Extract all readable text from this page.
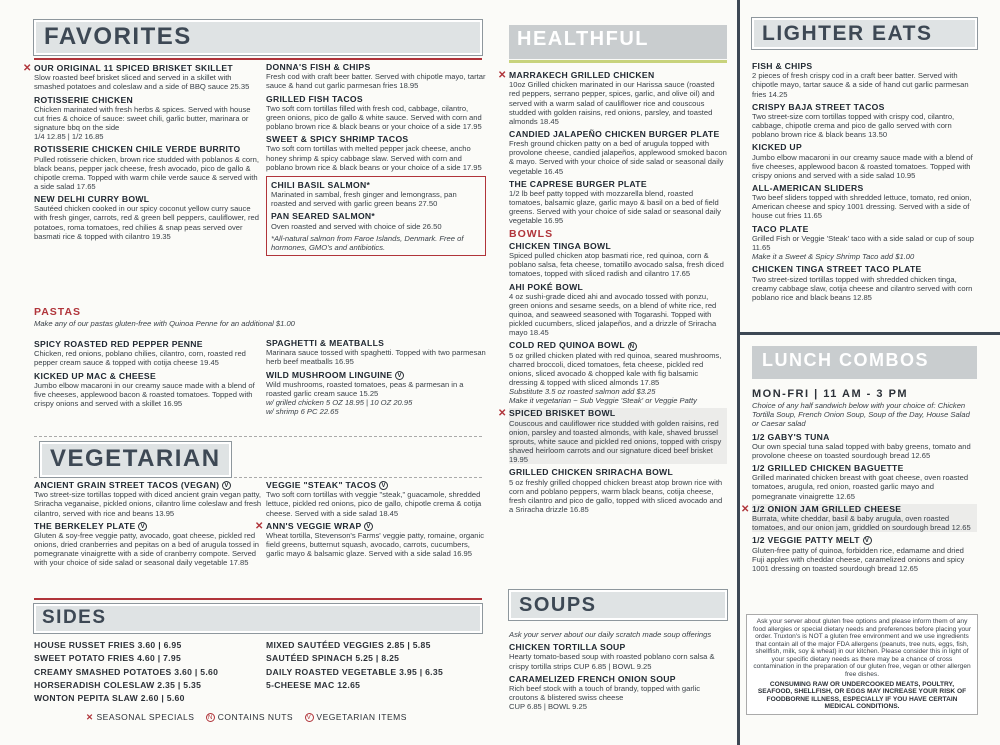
FAVORITES
✕ OUR ORIGINAL 11 SPICED BRISKET SKILLET
Slow roasted beef brisket sliced and served in a skillet with smashed potatoes and coleslaw and a side of BBQ sauce 25.35
ROTISSERIE CHICKEN
Chicken marinated with fresh herbs & spices. Served with house cut fries & choice of sauce: sweet chili, garlic butter, marinara or signature bbq on the side
1/4 12.85 | 1/2 16.85
ROTISSERIE CHICKEN CHILE VERDE BURRITO
Pulled rotisserie chicken, brown rice studded with poblanos & corn, black beans, pepper jack cheese, fresh avocado, pico de gallo & chipotle crema. Topped with warm chile verde sauce & served with a side salad 17.65
NEW DELHI CURRY BOWL
Sautéed chicken cooked in our spicy coconut yellow curry sauce with fresh ginger, carrots, red & green bell peppers, cauliflower, red potatoes, roma tomatoes, red chilies & snap peas served over basmati rice & topped with cilantro 19.35
PASTAS
Make any of our pastas gluten-free with Quinoa Penne for an additional $1.00
SPICY ROASTED RED PEPPER PENNE
Chicken, red onions, poblano chilies, cilantro, corn, roasted red pepper cream sauce & topped with cotija cheese 19.45
KICKED UP MAC & CHEESE
Jumbo elbow macaroni in our creamy sauce made with a blend of five cheeses, applewood bacon & roasted tomatoes. Topped with crispy onions and served with a skillet 16.95
VEGETARIAN
ANCIENT GRAIN STREET TACOS (VEGAN) V
Two street-size tortillas topped with diced ancient grain vegan patty, Sriracha veganaise, pickled onions, cilantro lime coleslaw and fresh cilantro, served with rice and beans 13.95
THE BERKELEY PLATE V
Gluten & soy-free veggie patty, avocado, goat cheese, pickled red onions, dried cranberries and pepitas on a bed of arugula tossed in pomegranate vinaigrette with a side of cranberry compote. Served with your choice of side salad or seasonal daily vegetable 17.85
SIDES
HOUSE RUSSET FRIES 3.60 | 6.95
SWEET POTATO FRIES 4.60 | 7.95
CREAMY SMASHED POTATOES 3.60 | 5.60
HORSERADISH COLESLAW 2.35 | 5.35
WONTON PEPITA SLAW 2.60 | 5.60
✕ SEASONAL SPECIALS N CONTAINS NUTS V VEGETARIAN ITEMS
DONNA'S FISH & CHIPS
Fresh cod with craft beer batter. Served with chipotle mayo, tartar sauce & hand cut garlic parmesan fries 18.95
GRILLED FISH TACOS
Two soft corn tortillas filled with fresh cod, cabbage, cilantro, green onions, pico de gallo & white sauce. Served with corn and poblano brown rice & black beans or your choice of a side 17.95
SWEET & SPICY SHRIMP TACOS
Two soft corn tortillas with melted pepper jack cheese, ancho honey shrimp & spicy cabbage slaw. Served with corn and poblano brown rice & black beans or your choice of a side 17.95
CHILI BASIL SALMON*
Marinated in sambal, fresh ginger and lemongrass, pan roasted and served with garlic green beans 27.50
PAN SEARED SALMON*
Oven roasted and served with choice of side 26.50
*All-natural salmon from Faroe Islands, Denmark. Free of hormones, GMO's and antibiotics.
SPAGHETTI & MEATBALLS
Marinara sauce tossed with spaghetti. Topped with two parmesan herb beef meatballs 16.95
WILD MUSHROOM LINGUINE V
Wild mushrooms, roasted tomatoes, peas & parmesan in a roasted garlic cream sauce 15.25
w/ grilled chicken 5 OZ 18.95 | 10 OZ 20.95
w/ shrimp 6 PC 22.65
VEGGIE "STEAK" TACOS V
Two soft corn tortillas with veggie "steak," guacamole, shredded lettuce, pickled red onions, pico de gallo, chipotle crema & cotija cheese. Served with a side salad 18.45
✕ ANN'S VEGGIE WRAP V
Wheat tortilla, Stevenson's Farms' veggie patty, romaine, organic field greens, butternut squash, avocado, carrots, cucumbers, garlic mayo & balsamic glaze. Served with a side salad 16.95
MIXED SAUTÉED VEGGIES 2.85 | 5.85
SAUTÉED SPINACH 5.25 | 8.25
DAILY ROASTED VEGETABLE 3.95 | 6.35
5-CHEESE MAC 12.65
HEALTHFUL
✕ MARRAKECH GRILLED CHICKEN
10oz Grilled chicken marinated in our Harissa sauce (roasted red peppers, serrano pepper, spices, garlic, and olive oil) and served with a warm salad of cauliflower rice and couscous studded with golden raisins, red onions, parsley, and toasted almonds 18.45
CANDIED JALAPEÑO CHICKEN BURGER PLATE
Fresh ground chicken patty on a bed of arugula topped with provolone cheese, candied jalapeños, applewood smoked bacon & mayo. Served with your choice of side salad or seasonal daily vegetable 16.45
THE CAPRESE BURGER PLATE
1/2 lb beef patty topped with mozzarella blend, roasted tomatoes, balsamic glaze, garlic mayo & basil on a bed of field greens. Served with your choice of side salad or seasonal daily vegetable 16.95
BOWLS
CHICKEN TINGA BOWL
Spiced pulled chicken atop basmati rice, red quinoa, corn & poblano salsa, feta cheese, tomatillo avocado salsa, fresh diced tomatoes, topped with sliced radish and cilantro 17.65
AHI POKÉ BOWL
4 oz sushi-grade diced ahi and avocado tossed with ponzu, green onions and sesame seeds, on a blend of white rice, red quinoa, and seaweed seasoned with Togarashi. Topped with pickled cucumbers, sliced jalapeños, and a drizzle of Sriracha mayo 18.45
COLD RED QUINOA BOWL N
5 oz grilled chicken plated with red quinoa, seared mushrooms, charred broccoli, diced tomatoes, feta cheese, pickled red onions, sliced avocado & chopped kale with fig balsamic dressing & topped with sliced almonds 17.85
Substitute 3.5 oz roasted salmon add $3.25
Make it vegetarian ~ Sub Veggie 'Steak' or Veggie Patty
✕ SPICED BRISKET BOWL
Couscous and cauliflower rice studded with golden raisins, red onion, parsley and toasted almonds, with kale, shaved brussel sprouts, white sauce and pickled red onions, topped with crispy shaved heirloom carrots and our signature diced beef brisket 19.95
GRILLED CHICKEN SRIRACHA BOWL
5 oz freshly grilled chopped chicken breast atop brown rice with corn and poblano peppers, warm black beans, cotija cheese, fresh cilantro and pico de gallo, topped with sliced avocado and a Sriracha drizzle 16.85
SOUPS
Ask your server about our daily scratch made soup offerings
CHICKEN TORTILLA SOUP
Hearty tomato-based soup with roasted poblano corn salsa & crispy tortilla strips CUP 6.85 | BOWL 9.25
CARAMELIZED FRENCH ONION SOUP
Rich beef stock with a touch of brandy, topped with garlic croutons & blistered swiss cheese
CUP 6.85 | BOWL 9.25
LIGHTER EATS
FISH & CHIPS
2 pieces of fresh crispy cod in a craft beer batter. Served with chipotle mayo, tartar sauce & a side of hand cut garlic parmesan fries 14.25
CRISPY BAJA STREET TACOS
Two street-size corn tortillas topped with crispy cod, cilantro, cabbage, chipotle crema and pico de gallo served with corn poblano brown rice & black beans 13.50
KICKED UP
Jumbo elbow macaroni in our creamy sauce made with a blend of five cheeses, applewood bacon & roasted tomatoes. Topped with crispy onions and served with a side salad 10.95
ALL-AMERICAN SLIDERS
Two beef sliders topped with shredded lettuce, tomato, red onion, American cheese and spicy 1001 dressing. Served with a side of house cut fries 11.65
TACO PLATE
Grilled Fish or Veggie 'Steak' taco with a side salad or cup of soup 11.65
Make it a Sweet & Spicy Shrimp Taco add $1.00
CHICKEN TINGA STREET TACO PLATE
Two street-sized tortillas topped with shredded chicken tinga, creamy cabbage slaw, cotija cheese and cilantro served with corn poblano rice and black beans 12.85
LUNCH COMBOS
MON-FRI | 11 AM - 3 PM
Choice of any half sandwich below with your choice of: Chicken Tortilla Soup, French Onion Soup, Soup of the Day, House Salad or Caesar salad
1/2 GABY'S TUNA
Our own special tuna salad topped with baby greens, tomato and provolone cheese on toasted sourdough bread 12.65
1/2 GRILLED CHICKEN BAGUETTE
Grilled marinated chicken breast with goat cheese, oven roasted tomatoes, arugula, red onion, roasted garlic mayo and pomegranate vinaigrette 12.65
✕ 1/2 ONION JAM GRILLED CHEESE
Burrata, white cheddar, basil & baby arugula, oven roasted tomatoes, and our onion jam, griddled on sourdough bread 12.65
1/2 VEGGIE PATTY MELT V
Gluten-free patty of quinoa, forbidden rice, edamame and dried Fuji apples with cheddar cheese, caramelized onions and spicy 1001 dressing on toasted sourdough bread 12.65
Ask your server about gluten free options and please inform them of any food allergies or special dietary needs and preferences before placing your order. Truxton's is NOT a gluten free environment and we use ingredients that contain all of the major FDA allergens (peanuts, tree nuts, eggs, fish, shellfish, milk, soy & wheat) in our kitchen. Please consider this in light of your specific dietary needs as there may be a chance of cross contamination in the preparation of our gluten free, vegan or other allergen free dishes.
CONSUMING RAW OR UNDERCOOKED MEATS, POULTRY, SEAFOOD, SHELLFISH, OR EGGS MAY INCREASE YOUR RISK OF FOODBORNE ILLNESS, ESPECIALLY IF YOU HAVE CERTAIN MEDICAL CONDITIONS.
